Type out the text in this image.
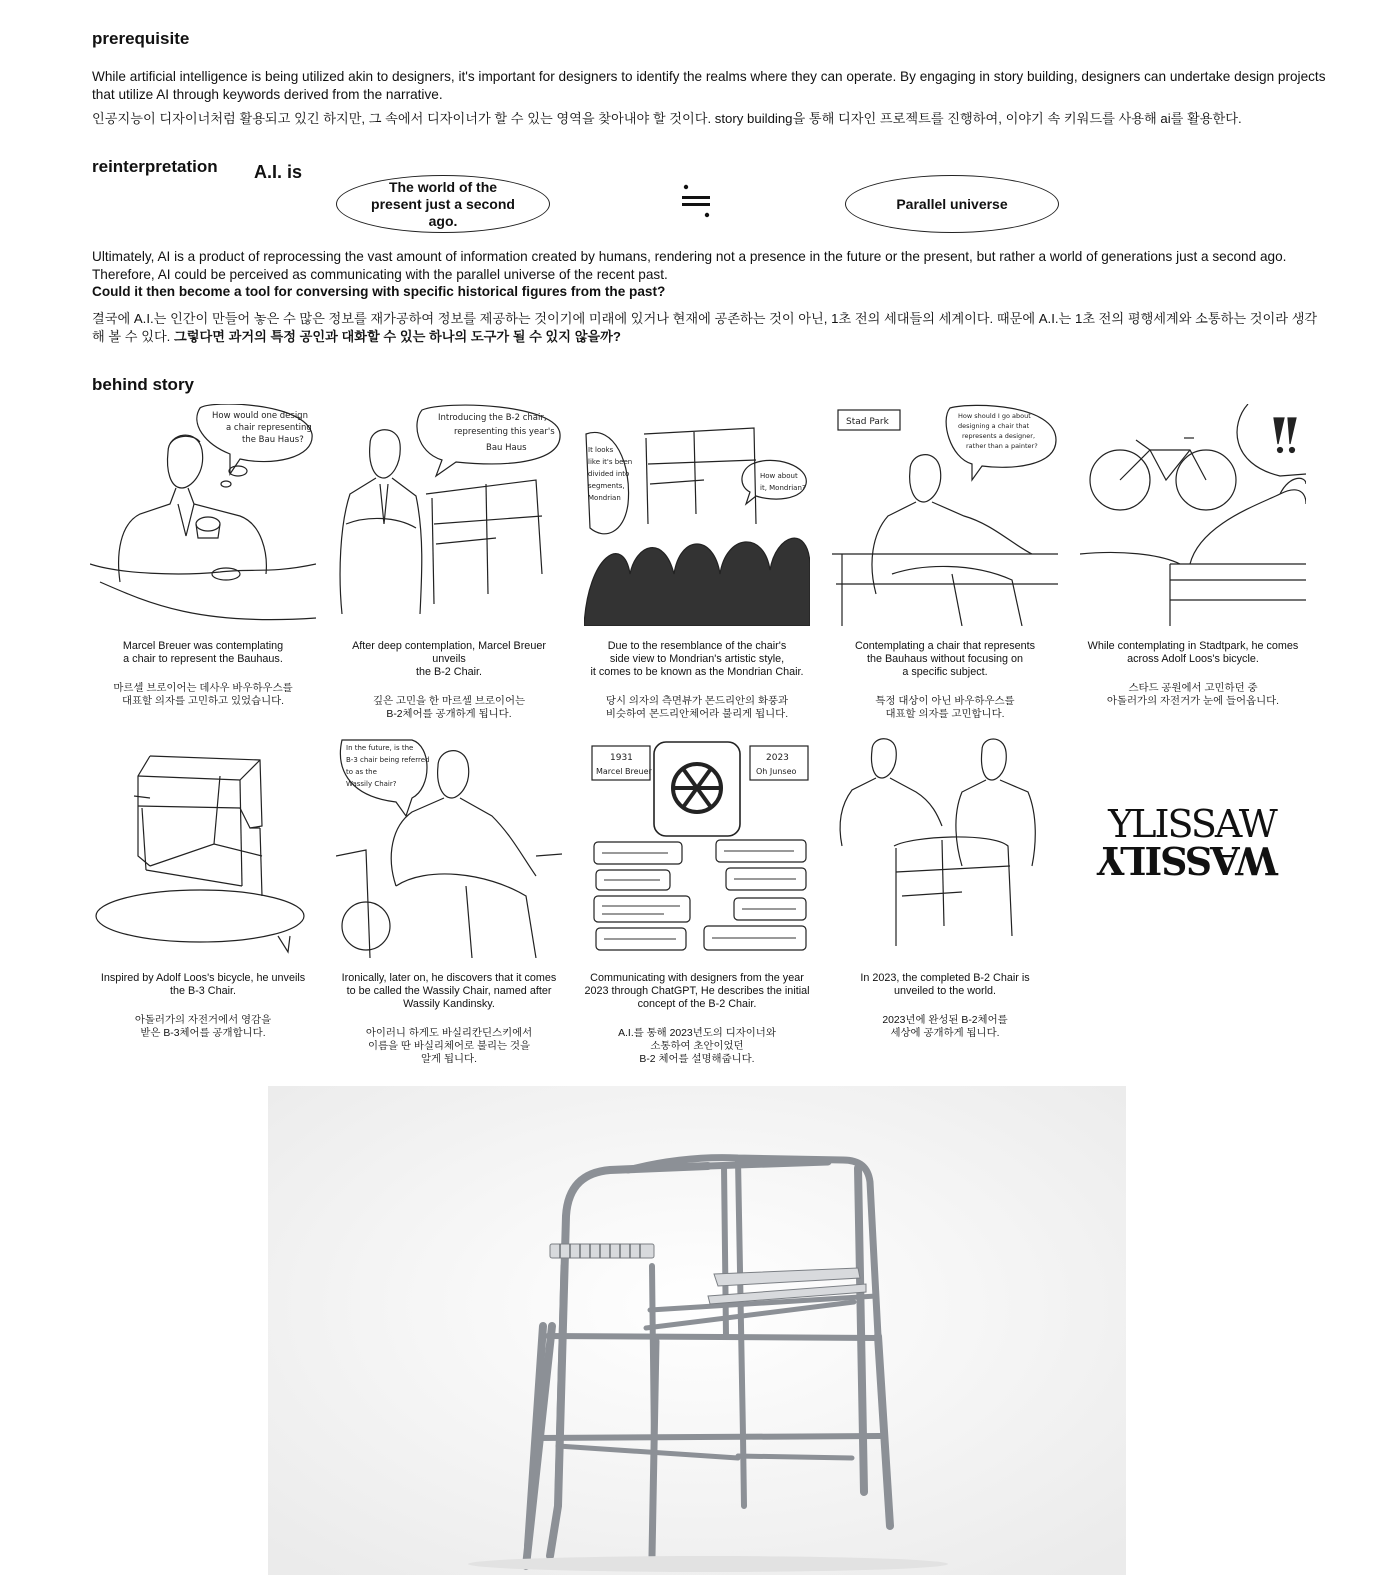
prerequisite
While artificial intelligence is being utilized akin to designers, it's important for designers to identify the realms where they can operate. By engaging in story building, designers can undertake design projects that utilize AI through keywords derived from the narrative.
인공지능이 디자이너처럼 활용되고 있긴 하지만, 그 속에서 디자이너가 할 수 있는 영역을 찾아내야 할 것이다. story building을 통해 디자인 프로젝트를 진행하여, 이야기 속 키워드를 사용해 ai를 활용한다.
reinterpretation A.I. is
The world of the present just a second ago.
Parallel universe
Ultimately, AI is a product of reprocessing the vast amount of information created by humans, rendering not a presence in the future or the present, but rather a world of generations just a second ago. Therefore, AI could be perceived as communicating with the parallel universe of the recent past.
Could it then become a tool for conversing with specific historical figures from the past?
결국에 A.I.는 인간이 만들어 놓은 수 많은 정보를 재가공하여 정보를 제공하는 것이기에 미래에 있거나 현재에 공존하는 것이 아닌, 1초 전의 세대들의 세계이다. 때문에 A.I.는 1초 전의 평행세계와 소통하는 것이라 생각해 볼 수 있다. 그렇다면 과거의 특정 공인과 대화할 수 있는 하나의 도구가 될 수 있지 않을까?
behind story
How would one design
a chair representing
the Bau Haus?
Marcel Breuer was contemplating
a chair to represent the Bauhaus.
마르셀 브로이어는 데사우 바우하우스를
대표할 의자를 고민하고 있었습니다.
Introducing the B-2 chair,
representing this year's
Bau Haus
After deep contemplation, Marcel Breuer unveils
the B-2 Chair.
깊은 고민을 한 마르셀 브로이어는
B-2체어를 공개하게 됩니다.
It looks
like it's been
divided into
segments,
Mondrian
How about
it, Mondrian?
Due to the resemblance of the chair's
side view to Mondrian's artistic style,
it comes to be known as the Mondrian Chair.
당시 의자의 측면뷰가 몬드리안의 화풍과
비슷하여 몬드리안체어라 불리게 됩니다.
Stad Park
How should I go about
designing a chair that
represents a designer,
rather than a painter?
Contemplating a chair that represents
the Bauhaus without focusing on
a specific subject.
특정 대상이 아닌 바우하우스를
대표할 의자를 고민합니다.
While contemplating in Stadtpark, he comes
across Adolf Loos's bicycle.
스타드 공원에서 고민하던 중
아돌러가의 자전거가 눈에 들어옵니다.
Inspired by Adolf Loos's bicycle, he unveils
the B-3 Chair.
아돌러가의 자전거에서 영감을
받은 B-3체어를 공개합니다.
In the future, is the
B-3 chair being referred
to as the
Wassily Chair?
Ironically, later on, he discovers that it comes
to be called the Wassily Chair, named after
Wassily Kandinsky.
아이러니 하게도 바실리칸딘스키에서
이름을 딴 바실리체어로 불리는 것을
알게 됩니다.
1931
Marcel Breuer
2023
Oh Junseo
Communicating with designers from the year
2023 through ChatGPT, He describes the initial
concept of the B-2 Chair.
A.I.를 통해 2023년도의 디자이너와
소통하여 초안이었던
B-2 체어를 설명해줍니다.
In 2023, the completed B-2 Chair is
unveiled to the world.
2023년에 완성된 B-2체어를
세상에 공개하게 됩니다.
YLISSAW
WASSILY
